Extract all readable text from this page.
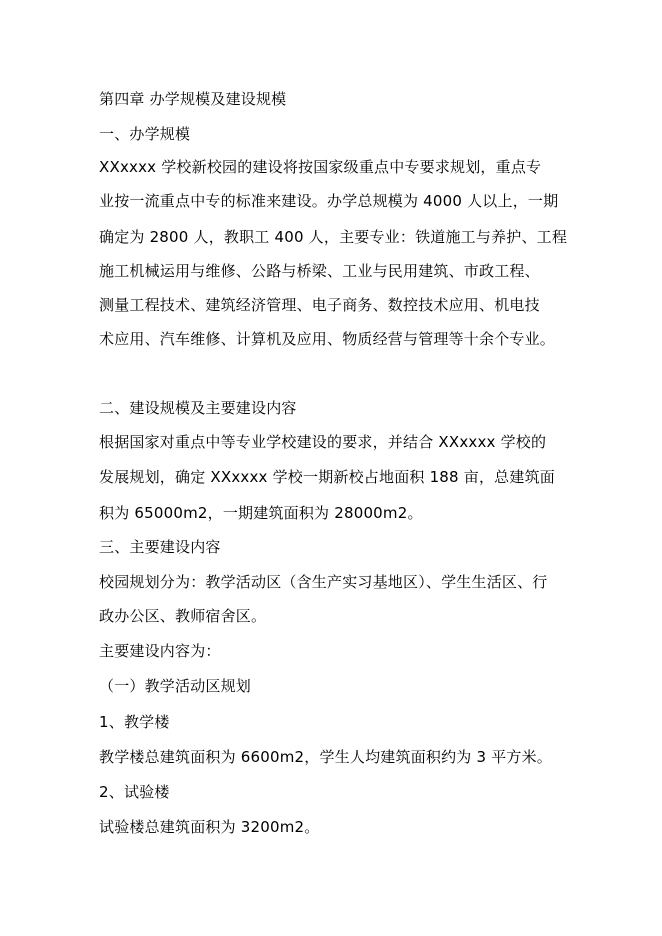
第四章 办学规模及建设规模
一、办学规模
XXxxxx 学校新校园的建设将按国家级重点中专要求规划，重点专
业按一流重点中专的标准来建设。办学总规模为 4000 人以上，一期
确定为 2800 人，教职工 400 人，主要专业：铁道施工与养护、工程
施工机械运用与维修、公路与桥梁、工业与民用建筑、市政工程、
测量工程技术、建筑经济管理、电子商务、数控技术应用、机电技
术应用、汽车维修、计算机及应用、物质经营与管理等十余个专业。
二、建设规模及主要建设内容
根据国家对重点中等专业学校建设的要求，并结合 XXxxxx 学校的
发展规划，确定 XXxxxx 学校一期新校占地面积 188 亩，总建筑面
积为 65000m2，一期建筑面积为 28000m2。
三、主要建设内容
校园规划分为：教学活动区（含生产实习基地区）、学生生活区、行
政办公区、教师宿舍区。
主要建设内容为：
（一）教学活动区规划
1、教学楼
教学楼总建筑面积为 6600m2，学生人均建筑面积约为 3 平方米。
2、试验楼
试验楼总建筑面积为 3200m2。
